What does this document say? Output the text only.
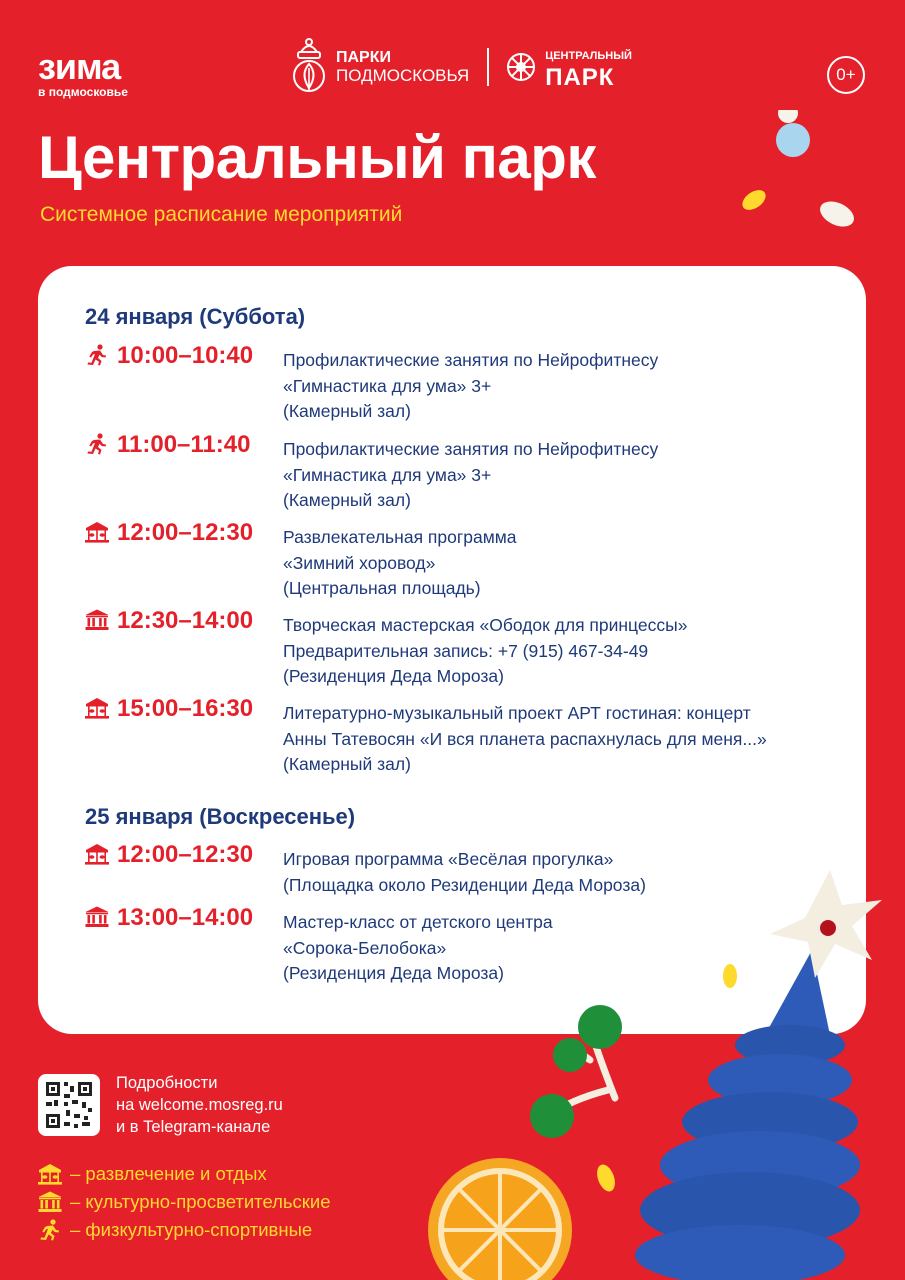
зима
в подмосковье
ПАРКИ
ПОДМОСКОВЬЯ
ЦЕНТРАЛЬНЫЙ
ПАРК	0+
Центральный парк
Системное расписание мероприятий
24 января (Суббота)
10:00–10:40 Профилактические занятия по Нейрофитнесу
«Гимнастика для ума» 3+
(Камерный зал)
11:00–11:40 Профилактические занятия по Нейрофитнесу
«Гимнастика для ума» 3+
(Камерный зал)
12:00–12:30 Развлекательная программа
«Зимний хоровод»
(Центральная площадь)
12:30–14:00 Творческая мастерская «Ободок для принцессы»
Предварительная запись: +7 (915) 467-34-49
(Резиденция Деда Мороза)
15:00–16:30 Литературно-музыкальный проект АРТ гостиная: концерт
Анны Татевосян «И вся планета распахнулась для меня...»
(Камерный зал)
25 января (Воскресенье)
12:00–12:30 Игровая программа «Весёлая прогулка»
(Площадка около Резиденции Деда Мороза)
13:00–14:00 Мастер-класс от детского центра
«Сорока-Белобока»
(Резиденция Деда Мороза)
Подробности
на welcome.mosreg.ru
и в Telegram-канале
– развлечение и отдых
– культурно-просветительские
– физкультурно-спортивные
